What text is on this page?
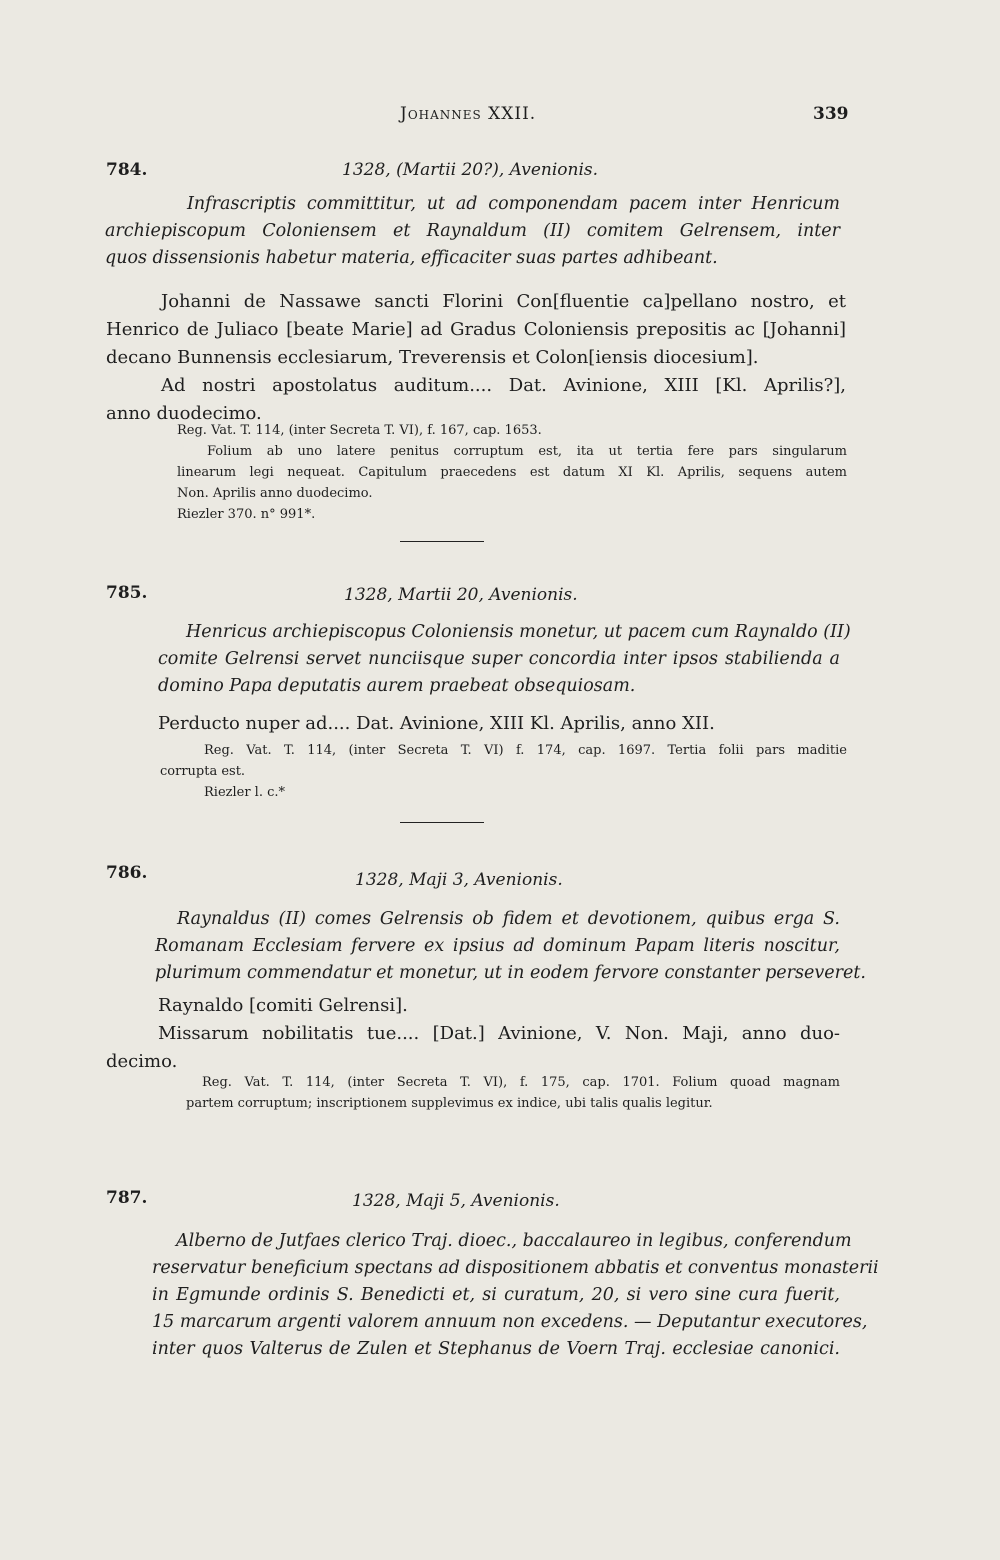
Johannes XXII.	339
784.	1328, (Martii 20?), Avenionis.
Infrascriptis committitur, ut ad componendam pacem inter Henricum
archiepiscopum Coloniensem et Raynaldum (II) comitem Gelrensem, inter
quos dissensionis habetur materia, efficaciter suas partes adhibeant.
Johanni de Nassawe sancti Florini Con[fluentie ca]pellano nostro, et
Henrico de Juliaco [beate Marie] ad Gradus Coloniensis prepositis ac [Johanni]
decano Bunnensis ecclesiarum, Treverensis et Colon[iensis diocesium].
Ad nostri apostolatus auditum.... Dat. Avinione, XIII [Kl. Aprilis?],
anno duodecimo.
Reg. Vat. T. 114, (inter Secreta T. VI), f. 167, cap. 1653.
Folium ab uno latere penitus corruptum est, ita ut tertia fere pars singularum
linearum legi nequeat. Capitulum praecedens est datum XI Kl. Aprilis, sequens autem
Non. Aprilis anno duodecimo.
Riezler 370. n° 991*.
785.	1328, Martii 20, Avenionis.
Henricus archiepiscopus Coloniensis monetur, ut pacem cum Raynaldo (II)
comite Gelrensi servet nunciisque super concordia inter ipsos stabilienda a
domino Papa deputatis aurem praebeat obsequiosam.
Perducto nuper ad.... Dat. Avinione, XIII Kl. Aprilis, anno XII.
Reg. Vat. T. 114, (inter Secreta T. VI) f. 174, cap. 1697. Tertia folii pars maditie
corrupta est.
Riezler l. c.*
786.	1328, Maji 3, Avenionis.
Raynaldus (II) comes Gelrensis ob fidem et devotionem, quibus erga S.
Romanam Ecclesiam fervere ex ipsius ad dominum Papam literis noscitur,
plurimum commendatur et monetur, ut in eodem fervore constanter perseveret.
Raynaldo [comiti Gelrensi].
Missarum nobilitatis tue.... [Dat.] Avinione, V. Non. Maji, anno duo-
decimo.
Reg. Vat. T. 114, (inter Secreta T. VI), f. 175, cap. 1701. Folium quoad magnam
partem corruptum; inscriptionem supplevimus ex indice, ubi talis qualis legitur.
787.	1328, Maji 5, Avenionis.
Alberno de Jutfaes clerico Traj. dioec., baccalaureo in legibus, conferendum
reservatur beneficium spectans ad dispositionem abbatis et conventus monasterii
in Egmunde ordinis S. Benedicti et, si curatum, 20, si vero sine cura fuerit,
15 marcarum argenti valorem annuum non excedens. — Deputantur executores,
inter quos Valterus de Zulen et Stephanus de Voern Traj. ecclesiae canonici.
